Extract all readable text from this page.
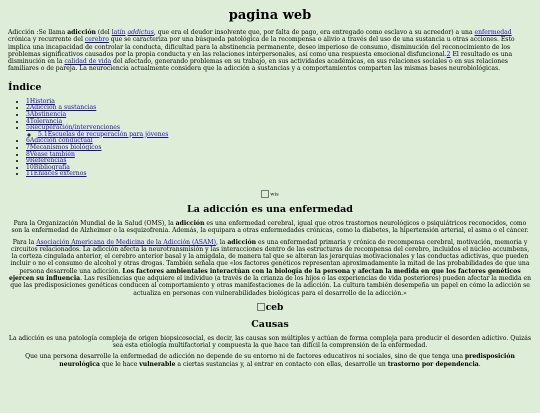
pagina web

Adicción :Se llama adicción (del latín addictus, que era el deudor insolvente que, por falta de pago, era entregado como esclavo a su acreedor) a una enfermedad crónica y recurrente del cerebro que se caracteriza por una búsqueda patológica de la recompensa o alivio a través del uso de una sustancia u otras acciones. Esto implica una incapacidad de controlar la conducta, dificultad para la abstinencia permanente, deseo imperioso de consumo, disminución del reconocimiento de los problemas significativos causados por la propia conducta y en las relaciones interpersonales, así como una respuesta emocional disfuncional.2 El resultado es una disminución en la calidad de vida del afectado, generando problemas en su trabajo, en sus actividades académicas, en sus relaciones sociales o en sus relaciones familiares o de pareja. La neurociencia actualmente considera que la adicción a sustancias y a comportamientos comparten las mismas bases neurobiológicas.

Índice
• 1Historia
• 2Adicción a sustancias
• 3Abstinencia
• 4Tolerancia
• 5Recuperación/intervenciones
◦ 5.1Escuelas de recuperación para jóvenes
• 6Adicción conductual
• 7Mecanismos biológicos
• 8Véase también
• 9Referencias
• 10Bibliografía
• 11Enlaces externos
wis
La adicción es una enfermedad

Para la Organización Mundial de la Salud (OMS), la adicción es una enfermedad cerebral, igual que otros trastornos neurológicos o psiquiátricos reconocidos, como son la enfermedad de Alzheimer o la esquizofrenia. Además, la equipara a otras enfermedades crónicas, como la diabetes, la hipertensión arterial, el asma o el cáncer.

Para la Asociación Americana de Medicina de la Adicción (ASAM), la adicción es una enfermedad primaria y crónica de recompensa cerebral, motivación, memoria y circuitos relacionados. La adicción afecta la neurotransmisión y las interacciones dentro de las estructuras de recompensa del cerebro, incluidos el núcleo accumbens, la corteza cingulada anterior, el cerebro anterior basal y la amígdala, de manera tal que se alteran las jerarquías motivacionales y las conductas adictivas, que pueden incluir o no el consumo de alcohol y otras drogas. También señala que «los factores genéticos representan aproximadamente la mitad de las probabilidades de que una persona desarrolle una adicción. Los factores ambientales interactúan con la biología de la persona y afectan la medida en que los factores genéticos ejercen su influencia. Las resiliencias que adquiere el individuo (a través de la crianza de los hijos o las experiencias de vida posteriores) pueden afectar la medida en que las predisposiciones genéticas conducen al comportamiento y otras manifestaciones de la adicción. La cultura también desempeña un papel en cómo la adicción se actualiza en personas con vulnerabilidades biológicas para el desarrollo de la adicción.»

ceb
Causas

La adicción es una patología compleja de origen biopsicosocial, es decir, las causas son múltiples y actúan de forma compleja para producir el desorden adictivo. Quizás sea esta etiología multifactorial y compuesta la que hace tan difícil la comprensión de la enfermedad.

Que una persona desarrolle la enfermedad de adicción no depende de su entorno ni de factores educativos ni sociales, sino de que tenga una predisposición neurológica que le hace vulnerable a ciertas sustancias y, al entrar en contacto con ellas, desarrolle un trastorno por dependencia.
